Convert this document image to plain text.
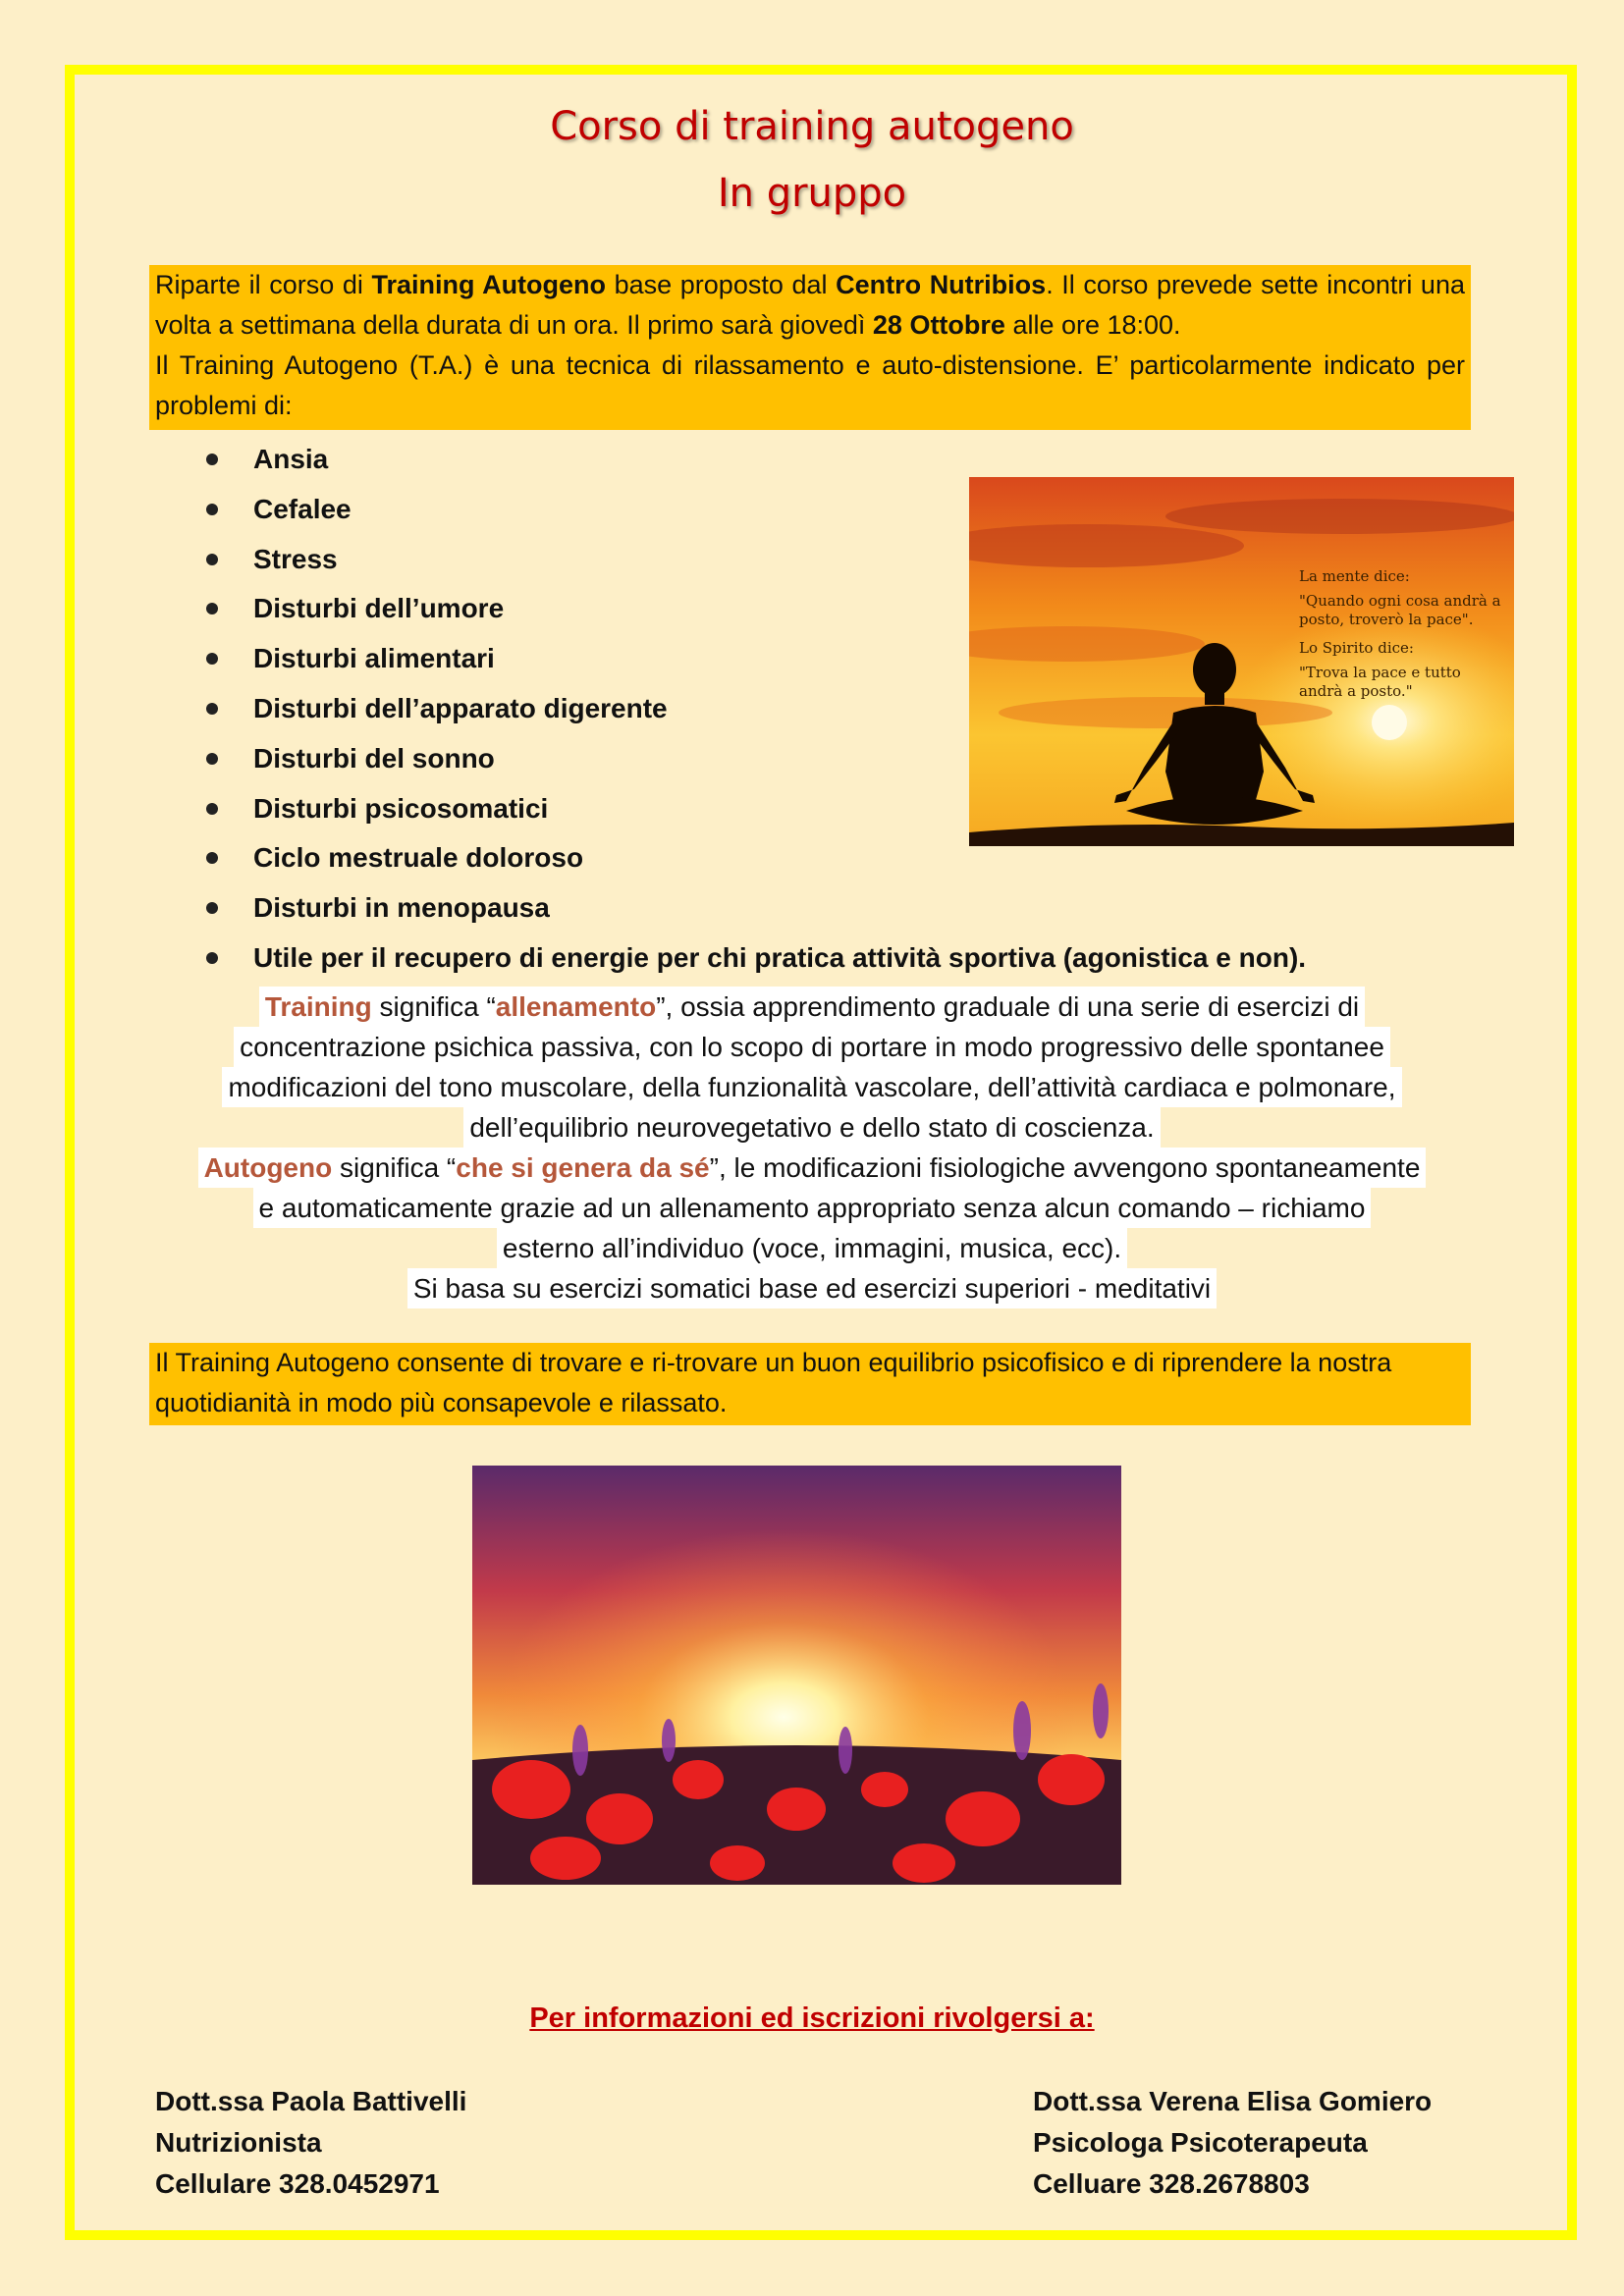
Corso di training autogeno
In gruppo

Riparte il corso di Training Autogeno base proposto dal Centro Nutribios. Il corso prevede sette incontri una volta a settimana della durata di un ora. Il primo sarà giovedì 28 Ottobre alle ore 18:00.

Il Training Autogeno (T.A.) è una tecnica di rilassamento e auto-distensione. E’ particolarmente indicato per problemi di:

Ansia
Cefalee
Stress
Disturbi dell’umore
Disturbi alimentari
Disturbi dell’apparato digerente
Disturbi del sonno
Disturbi psicosomatici
Ciclo mestruale doloroso
Disturbi in menopausa
Utile per il recupero di energie per chi pratica attività sportiva (agonistica e non).

La mente dice:

"Quando ogni cosa andrà a posto, troverò la pace".

Lo Spirito dice:

"Trova la pace e tutto andrà a posto."

Training significa “allenamento”, ossia apprendimento graduale di una serie di esercizi di
concentrazione psichica passiva, con lo scopo di portare in modo progressivo delle spontanee
modificazioni del tono muscolare, della funzionalità vascolare, dell’attività cardiaca e polmonare,
dell’equilibrio neurovegetativo e dello stato di coscienza.
Autogeno significa “che si genera da sé”, le modificazioni fisiologiche avvengono spontaneamente
e automaticamente grazie ad un allenamento appropriato senza alcun comando – richiamo
esterno all’individuo (voce, immagini, musica, ecc).
Si basa su esercizi somatici base ed esercizi superiori - meditativi

Il Training Autogeno consente di trovare e ri-trovare un buon equilibrio psicofisico e di riprendere la nostra quotidianità in modo più consapevole e rilassato.

Per informazioni ed iscrizioni rivolgersi a:
Dott.ssa Paola Battivelli
Nutrizionista
Cellulare 328.0452971
Dott.ssa Verena Elisa Gomiero
Psicologa Psicoterapeuta
Celluare 328.2678803
